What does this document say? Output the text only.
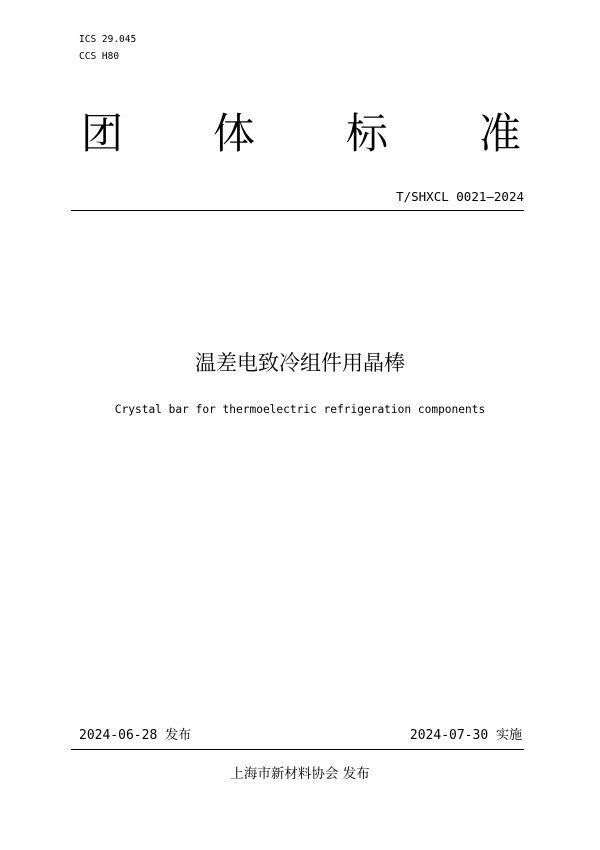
ICS 29.045
CCS H80
团 体 标 准
T/SHXCL 0021—2024
温差电致冷组件用晶棒
Crystal bar for thermoelectric refrigeration components
2024-06-28 发布	2024-07-30 实施
上海市新材料协会 发布
